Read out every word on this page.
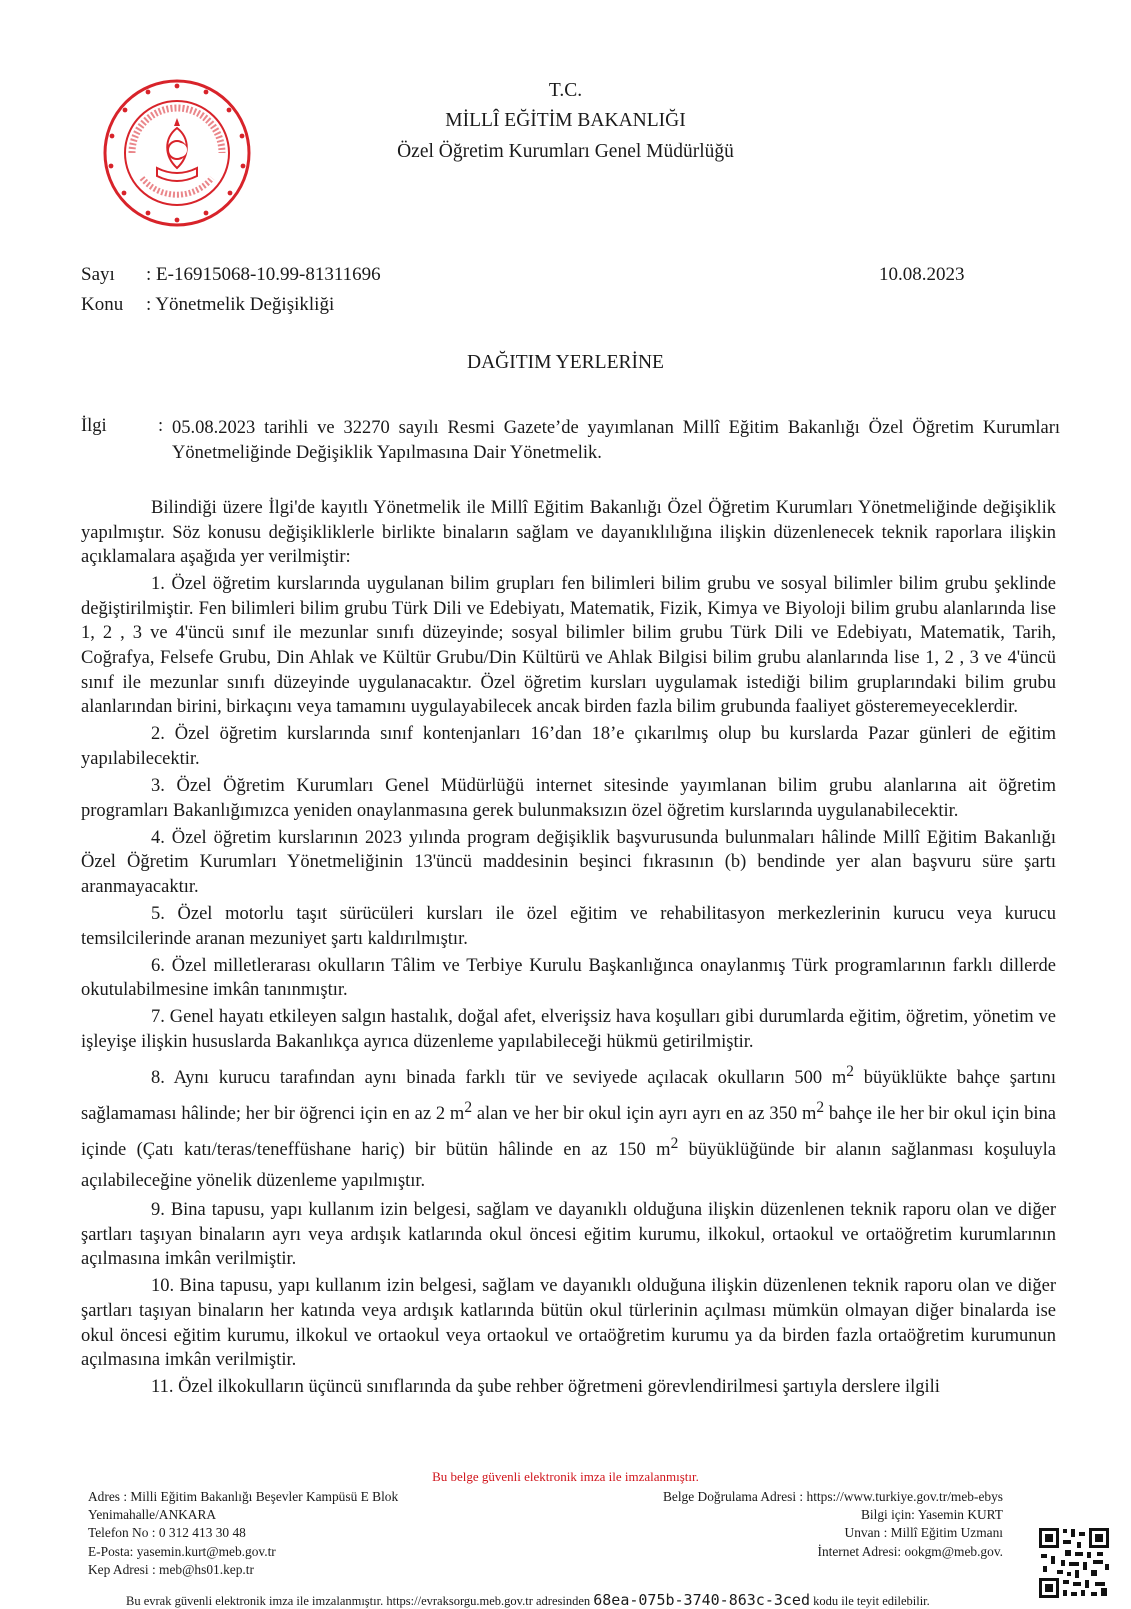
T.C.
MİLLÎ EĞİTİM BAKANLIĞI
Özel Öğretim Kurumları Genel Müdürlüğü
Sayı : E-16915068-10.99-81311696	10.08.2023
Konu : Yönetmelik Değişikliği
DAĞITIM YERLERİNE
İlgi	: 05.08.2023 tarihli ve 32270 sayılı Resmi Gazete’de yayımlanan Millî Eğitim Bakanlığı Özel Öğretim Kurumları Yönetmeliğinde Değişiklik Yapılmasına Dair Yönetmelik.

Bilindiği üzere İlgi'de kayıtlı Yönetmelik ile Millî Eğitim Bakanlığı Özel Öğretim Kurumları Yönetmeliğinde değişiklik yapılmıştır. Söz konusu değişikliklerle birlikte binaların sağlam ve dayanıklılığına ilişkin düzenlenecek teknik raporlara ilişkin açıklamalara aşağıda yer verilmiştir:

1. Özel öğretim kurslarında uygulanan bilim grupları fen bilimleri bilim grubu ve sosyal bilimler bilim grubu şeklinde değiştirilmiştir. Fen bilimleri bilim grubu Türk Dili ve Edebiyatı, Matematik, Fizik, Kimya ve Biyoloji bilim grubu alanlarında lise 1, 2 , 3 ve 4'üncü sınıf ile mezunlar sınıfı düzeyinde; sosyal bilimler bilim grubu Türk Dili ve Edebiyatı, Matematik, Tarih, Coğrafya, Felsefe Grubu, Din Ahlak ve Kültür Grubu/Din Kültürü ve Ahlak Bilgisi bilim grubu alanlarında lise 1, 2 , 3 ve 4'üncü sınıf ile mezunlar sınıfı düzeyinde uygulanacaktır. Özel öğretim kursları uygulamak istediği bilim gruplarındaki bilim grubu alanlarından birini, birkaçını veya tamamını uygulayabilecek ancak birden fazla bilim grubunda faaliyet gösteremeyeceklerdir.

2. Özel öğretim kurslarında sınıf kontenjanları 16’dan 18’e çıkarılmış olup bu kurslarda Pazar günleri de eğitim yapılabilecektir.

3. Özel Öğretim Kurumları Genel Müdürlüğü internet sitesinde yayımlanan bilim grubu alanlarına ait öğretim programları Bakanlığımızca yeniden onaylanmasına gerek bulunmaksızın özel öğretim kurslarında uygulanabilecektir.

4. Özel öğretim kurslarının 2023 yılında program değişiklik başvurusunda bulunmaları hâlinde Millî Eğitim Bakanlığı Özel Öğretim Kurumları Yönetmeliğinin 13'üncü maddesinin beşinci fıkrasının (b) bendinde yer alan başvuru süre şartı aranmayacaktır.

5. Özel motorlu taşıt sürücüleri kursları ile özel eğitim ve rehabilitasyon merkezlerinin kurucu veya kurucu temsilcilerinde aranan mezuniyet şartı kaldırılmıştır.

6. Özel milletlerarası okulların Tâlim ve Terbiye Kurulu Başkanlığınca onaylanmış Türk programlarının farklı dillerde okutulabilmesine imkân tanınmıştır.

7. Genel hayatı etkileyen salgın hastalık, doğal afet, elverişsiz hava koşulları gibi durumlarda eğitim, öğretim, yönetim ve işleyişe ilişkin hususlarda Bakanlıkça ayrıca düzenleme yapılabileceği hükmü getirilmiştir.

8. Aynı kurucu tarafından aynı binada farklı tür ve seviyede açılacak okulların 500 $m^2$ büyüklükte bahçe şartını sağlamaması hâlinde; her bir öğrenci için en az 2 $m^2$ alan ve her bir okul için ayrı ayrı en az 350 $m^2$ bahçe ile her bir okul için bina içinde (Çatı katı/teras/teneffüshane hariç) bir bütün hâlinde en az 150 $m^2$ büyüklüğünde bir alanın sağlanması koşuluyla açılabileceğine yönelik düzenleme yapılmıştır.

9. Bina tapusu, yapı kullanım izin belgesi, sağlam ve dayanıklı olduğuna ilişkin düzenlenen teknik raporu olan ve diğer şartları taşıyan binaların ayrı veya ardışık katlarında okul öncesi eğitim kurumu, ilkokul, ortaokul ve ortaöğretim kurumlarının açılmasına imkân verilmiştir.

10. Bina tapusu, yapı kullanım izin belgesi, sağlam ve dayanıklı olduğuna ilişkin düzenlenen teknik raporu olan ve diğer şartları taşıyan binaların her katında veya ardışık katlarında bütün okul türlerinin açılması mümkün olmayan diğer binalarda ise okul öncesi eğitim kurumu, ilkokul ve ortaokul veya ortaokul ve ortaöğretim kurumu ya da birden fazla ortaöğretim kurumunun açılmasına imkân verilmiştir.

11. Özel ilkokulların üçüncü sınıflarında da şube rehber öğretmeni görevlendirilmesi şartıyla derslere ilgili

Bu belge güvenli elektronik imza ile imzalanmıştır.
Adres : Milli Eğitim Bakanlığı Beşevler Kampüsü E Blok
Yenimahalle/ANKARA
Telefon No : 0 312 413 30 48
E-Posta: yasemin.kurt@meb.gov.tr
Kep Adresi : meb@hs01.kep.tr
Belge Doğrulama Adresi : https://www.turkiye.gov.tr/meb-ebys
Bilgi için: Yasemin KURT
Unvan : Millî Eğitim Uzmanı
İnternet Adresi: ookgm@meb.gov.
Bu evrak güvenli elektronik imza ile imzalanmıştır. https://evraksorgu.meb.gov.tr adresinden 68ea-075b-3740-863c-3ced kodu ile teyit edilebilir.
